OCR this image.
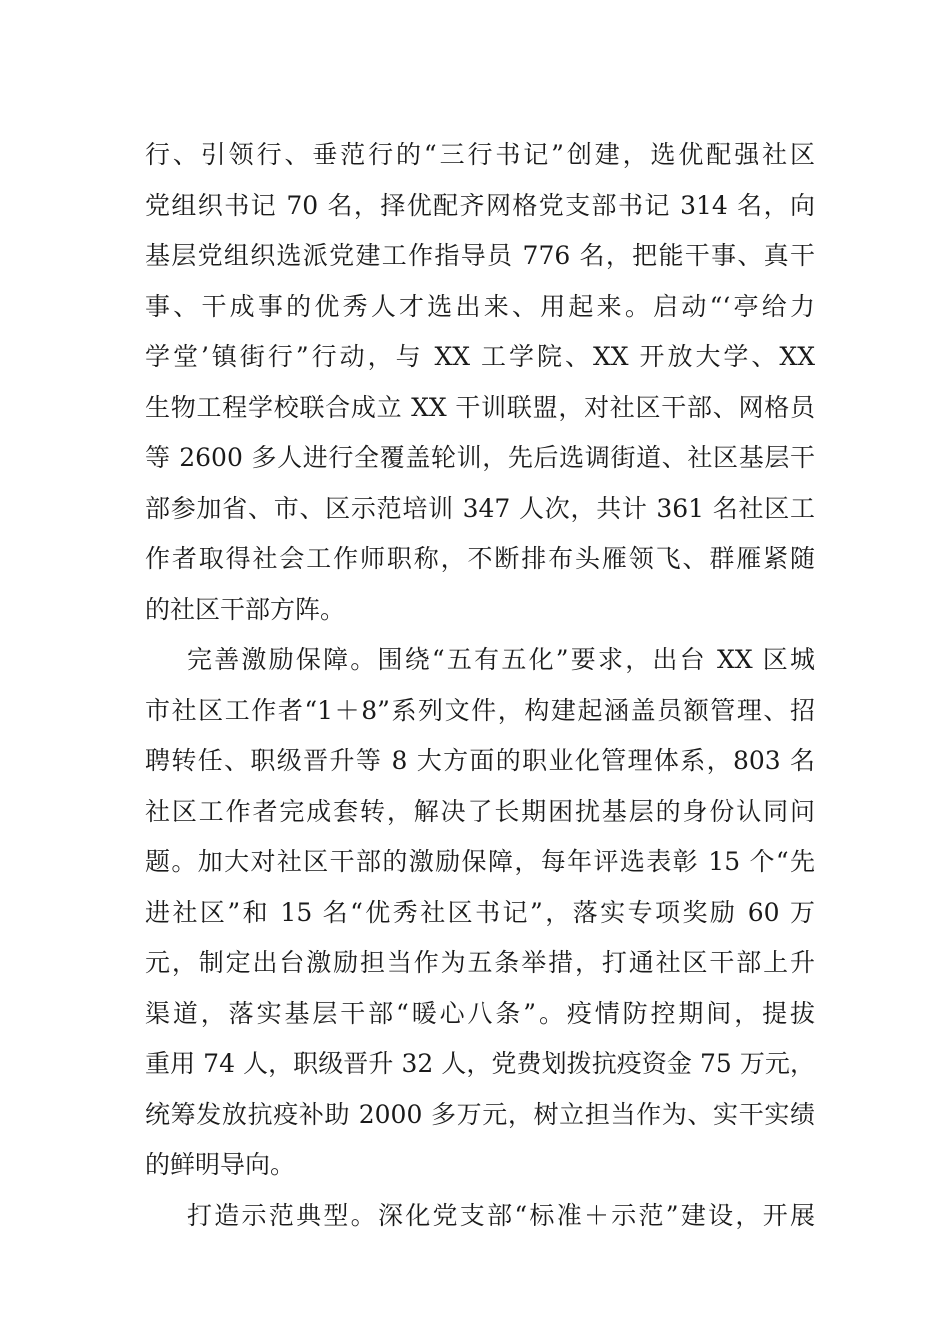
行、引领行、垂范行的“三行书记”创建，选优配强社区
党组织书记 70 名，择优配齐网格党支部书记 314 名，向
基层党组织选派党建工作指导员 776 名，把能干事、真干
事、干成事的优秀人才选出来、用起来。启动“‘亭给力
学堂’镇街行”行动，与 XX 工学院、XX 开放大学、XX
生物工程学校联合成立 XX 干训联盟，对社区干部、网格员
等 2600 多人进行全覆盖轮训，先后选调街道、社区基层干
部参加省、市、区示范培训 347 人次，共计 361 名社区工
作者取得社会工作师职称，不断排布头雁领飞、群雁紧随
的社区干部方阵。
完善激励保障。围绕“五有五化”要求，出台 XX 区城
市社区工作者“1＋8”系列文件，构建起涵盖员额管理、招
聘转任、职级晋升等 8 大方面的职业化管理体系，803 名
社区工作者完成套转，解决了长期困扰基层的身份认同问
题。加大对社区干部的激励保障，每年评选表彰 15 个“先
进社区”和 15 名“优秀社区书记”，落实专项奖励 60 万
元，制定出台激励担当作为五条举措，打通社区干部上升
渠道，落实基层干部“暖心八条”。疫情防控期间，提拔
重用 74 人，职级晋升 32 人，党费划拨抗疫资金 75 万元，
统筹发放抗疫补助 2000 多万元，树立担当作为、实干实绩
的鲜明导向。
打造示范典型。深化党支部“标准＋示范”建设，开展
